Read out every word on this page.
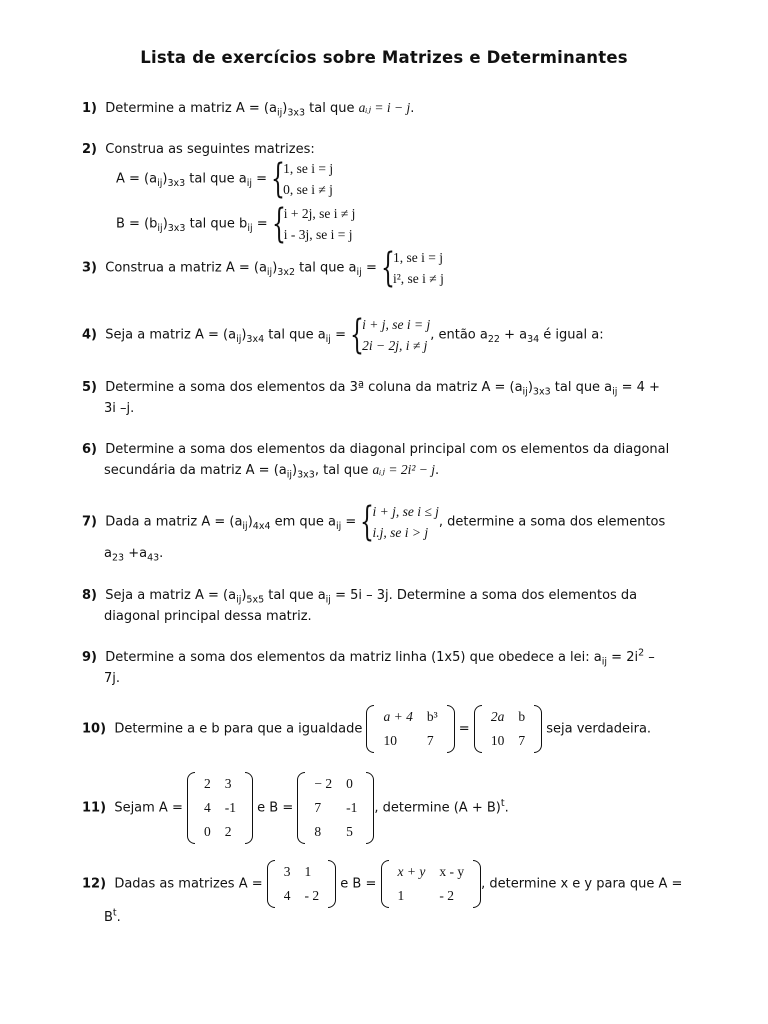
Lista de exercícios sobre Matrizes e Determinantes
1) Determine a matriz $A = (a_{ij})_{3x3}$ tal que aᵢⱼ = i − j.
2) Construa as seguintes matrizes:
$A = (a_{ij})_{3x3}$ tal que $a_{ij}$ = {
1, se i = j
0, se i ≠ j
$B = (b_{ij})_{3x3}$ tal que $b_{ij}$ = {
i + 2j, se i ≠ j
i - 3j, se i = j
3) Construa a matriz $A = (a_{ij})_{3x2}$ tal que $a_{ij}$ = {
1, se i = j
i², se i ≠ j
4) Seja a matriz $A = (a_{ij})_{3x4}$ tal que $a_{ij}$ = {
i + j, se i = j
2i − 2j, i ≠ j
, então $a_{22} + a_{34}$ é igual a:
5) Determine a soma dos elementos da 3ª coluna da matriz $A = (a_{ij})_{3x3}$ tal que $a_{ij} = 4$ +
3i –j.
6) Determine a soma dos elementos da diagonal principal com os elementos da diagonal
secundária da matriz $A = (a_{ij})_{3x3}$, tal que aᵢⱼ = 2i² − j.
7) Dada a matriz $A = (a_{ij})_{4x4}$ em que $a_{ij}$ = {
i + j, se i ≤ j
i.j, se i > j
, determine a soma dos elementos
$a_{23} +a_{43}$.
8) Seja a matriz $A = (a_{ij})_{5x5}$ tal que $a_{ij} = 5i - 3j$. Determine a soma dos elementos da
diagonal principal dessa matriz.
9) Determine a soma dos elementos da matriz linha (1x5) que obedece a lei: $a_{ij} = 2i^2$ –
7j.
10) Determine a e b para que a igualdade
a + 4	b³
10	7
=
2a	b
10	7
seja verdadeira.
11) Sejam A =
2	3
4	-1
0	2
e B =
− 2	0
7	-1
8	5
, determine $(A + B)^t$.
12) Dadas as matrizes A =
3	1
4	- 2
e B =
x + y	x - y
1	- 2
, determine x e y para que A =
$B^t$.
